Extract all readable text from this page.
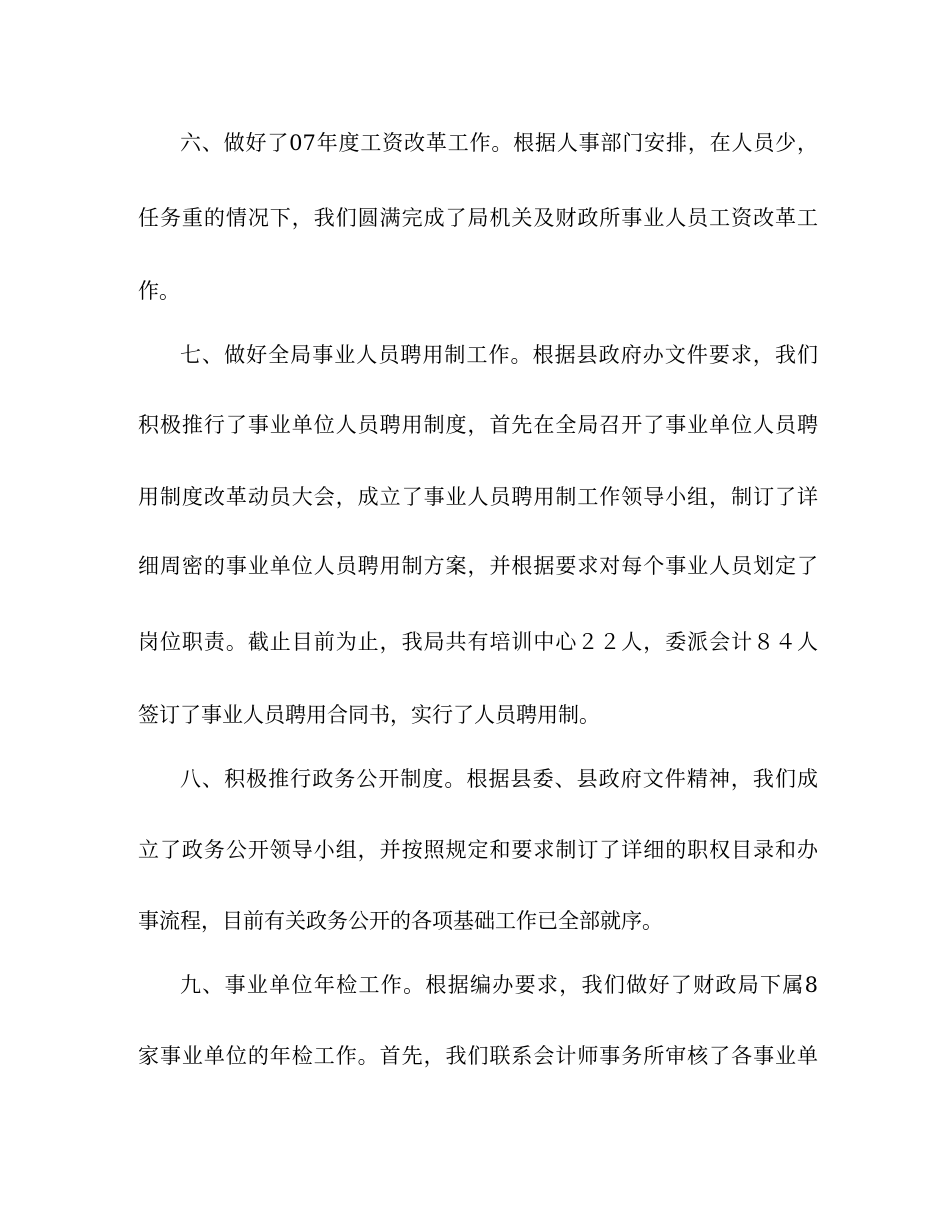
六、做好了07年度工资改革工作。根据人事部门安排，在人员少，
任务重的情况下，我们圆满完成了局机关及财政所事业人员工资改革工
作。
七、做好全局事业人员聘用制工作。根据县政府办文件要求，我们
积极推行了事业单位人员聘用制度，首先在全局召开了事业单位人员聘
用制度改革动员大会，成立了事业人员聘用制工作领导小组，制订了详
细周密的事业单位人员聘用制方案，并根据要求对每个事业人员划定了
岗位职责。截止目前为止，我局共有培训中心２２人，委派会计８４人
签订了事业人员聘用合同书，实行了人员聘用制。
八、积极推行政务公开制度。根据县委、县政府文件精神，我们成
立了政务公开领导小组，并按照规定和要求制订了详细的职权目录和办
事流程，目前有关政务公开的各项基础工作已全部就序。
九、事业单位年检工作。根据编办要求，我们做好了财政局下属8
家事业单位的年检工作。首先，我们联系会计师事务所审核了各事业单
